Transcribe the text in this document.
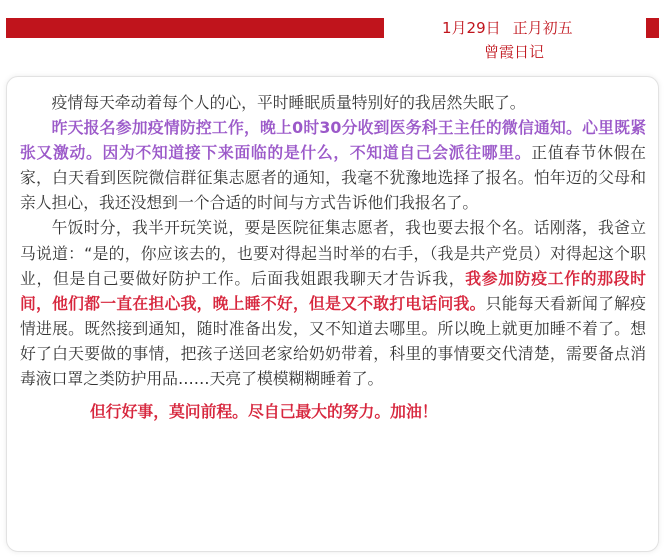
1月29日 正月初五
曾霞日记

疫情每天牵动着每个人的心，平时睡眠质量特别好的我居然失眠了。

昨天报名参加疫情防控工作，晚上0时30分收到医务科王主任的微信通知。心里既紧张又激动。因为不知道接下来面临的是什么，不知道自己会派往哪里。正值春节休假在家，白天看到医院微信群征集志愿者的通知，我毫不犹豫地选择了报名。怕年迈的父母和亲人担心，我还没想到一个合适的时间与方式告诉他们我报名了。

午饭时分，我半开玩笑说，要是医院征集志愿者，我也要去报个名。话刚落，我爸立马说道：“是的，你应该去的，也要对得起当时举的右手，（我是共产党员）对得起这个职业，但是自己要做好防护工作。后面我姐跟我聊天才告诉我，我参加防疫工作的那段时间，他们都一直在担心我，晚上睡不好，但是又不敢打电话问我。只能每天看新闻了解疫情进展。既然接到通知，随时准备出发，又不知道去哪里。所以晚上就更加睡不着了。想好了白天要做的事情，把孩子送回老家给奶奶带着，科里的事情要交代清楚，需要备点消毒液口罩之类防护用品……天亮了模模糊糊睡着了。

但行好事，莫问前程。尽自己最大的努力。加油！
